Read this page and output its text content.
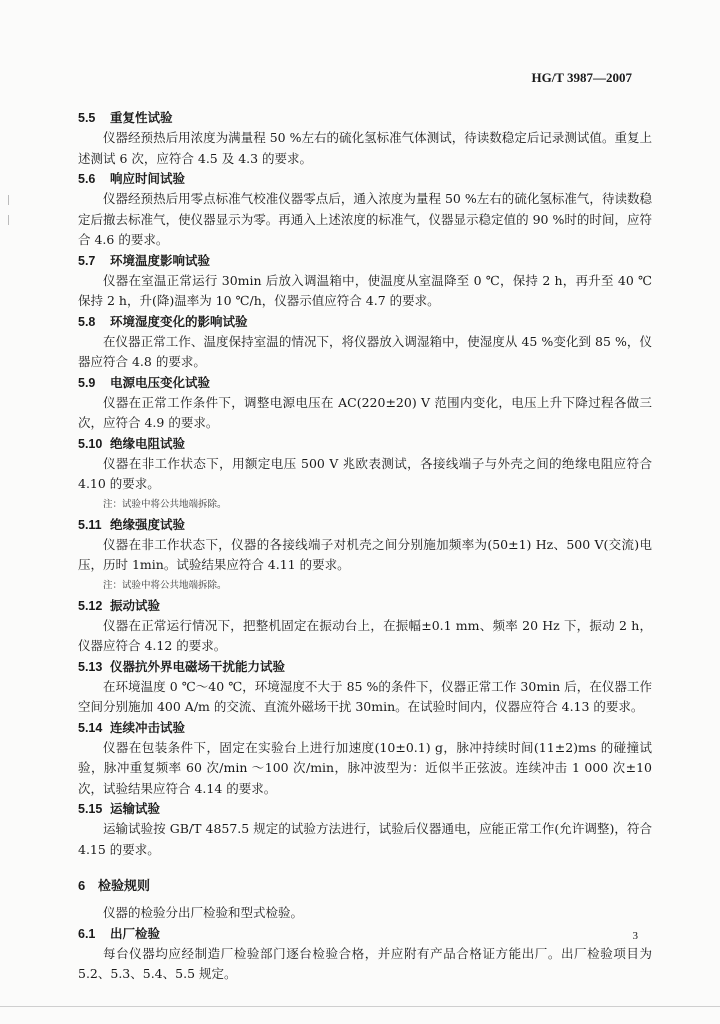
HG/T 3987—2007
5.5 重复性试验

仪器经预热后用浓度为满量程 50 %左右的硫化氢标准气体测试，待读数稳定后记录测试值。重复上述测试 6 次，应符合 4.5 及 4.3 的要求。

5.6 响应时间试验

仪器经预热后用零点标准气校准仪器零点后，通入浓度为量程 50 %左右的硫化氢标准气，待读数稳定后撤去标准气，使仪器显示为零。再通入上述浓度的标准气，仪器显示稳定值的 90 %时的时间，应符合 4.6 的要求。

5.7 环境温度影响试验

仪器在室温正常运行 30min 后放入调温箱中，使温度从室温降至 0 ℃，保持 2 h，再升至 40 ℃保持 2 h，升(降)温率为 10 ℃/h，仪器示值应符合 4.7 的要求。

5.8 环境湿度变化的影响试验

在仪器正常工作、温度保持室温的情况下，将仪器放入调湿箱中，使湿度从 45 %变化到 85 %，仪器应符合 4.8 的要求。

5.9 电源电压变化试验

仪器在正常工作条件下，调整电源电压在 AC(220±20) V 范围内变化，电压上升下降过程各做三次，应符合 4.9 的要求。

5.10 绝缘电阻试验

仪器在非工作状态下，用额定电压 500 V 兆欧表测试，各接线端子与外壳之间的绝缘电阻应符合 4.10 的要求。

注：试验中将公共地端拆除。
5.11 绝缘强度试验

仪器在非工作状态下，仪器的各接线端子对机壳之间分别施加频率为(50±1) Hz、500 V(交流)电压，历时 1min。试验结果应符合 4.11 的要求。

注：试验中将公共地端拆除。
5.12 振动试验

仪器在正常运行情况下，把整机固定在振动台上，在振幅±0.1 mm、频率 20 Hz 下，振动 2 h，仪器应符合 4.12 的要求。

5.13 仪器抗外界电磁场干扰能力试验

在环境温度 0 ℃～40 ℃，环境湿度不大于 85 %的条件下，仪器正常工作 30min 后，在仪器工作空间分别施加 400 A/m 的交流、直流外磁场干扰 30min。在试验时间内，仪器应符合 4.13 的要求。

5.14 连续冲击试验

仪器在包装条件下，固定在实验台上进行加速度(10±0.1) g，脉冲持续时间(11±2)ms 的碰撞试验，脉冲重复频率 60 次/min ～100 次/min，脉冲波型为：近似半正弦波。连续冲击 1 000 次±10 次，试验结果应符合 4.14 的要求。

5.15 运输试验

运输试验按 GB/T 4857.5 规定的试验方法进行，试验后仪器通电，应能正常工作(允许调整)，符合 4.15 的要求。

6 检验规则

仪器的检验分出厂检验和型式检验。

6.1 出厂检验

每台仪器均应经制造厂检验部门逐台检验合格，并应附有产品合格证方能出厂。出厂检验项目为 5.2、5.3、5.4、5.5 规定。

3
